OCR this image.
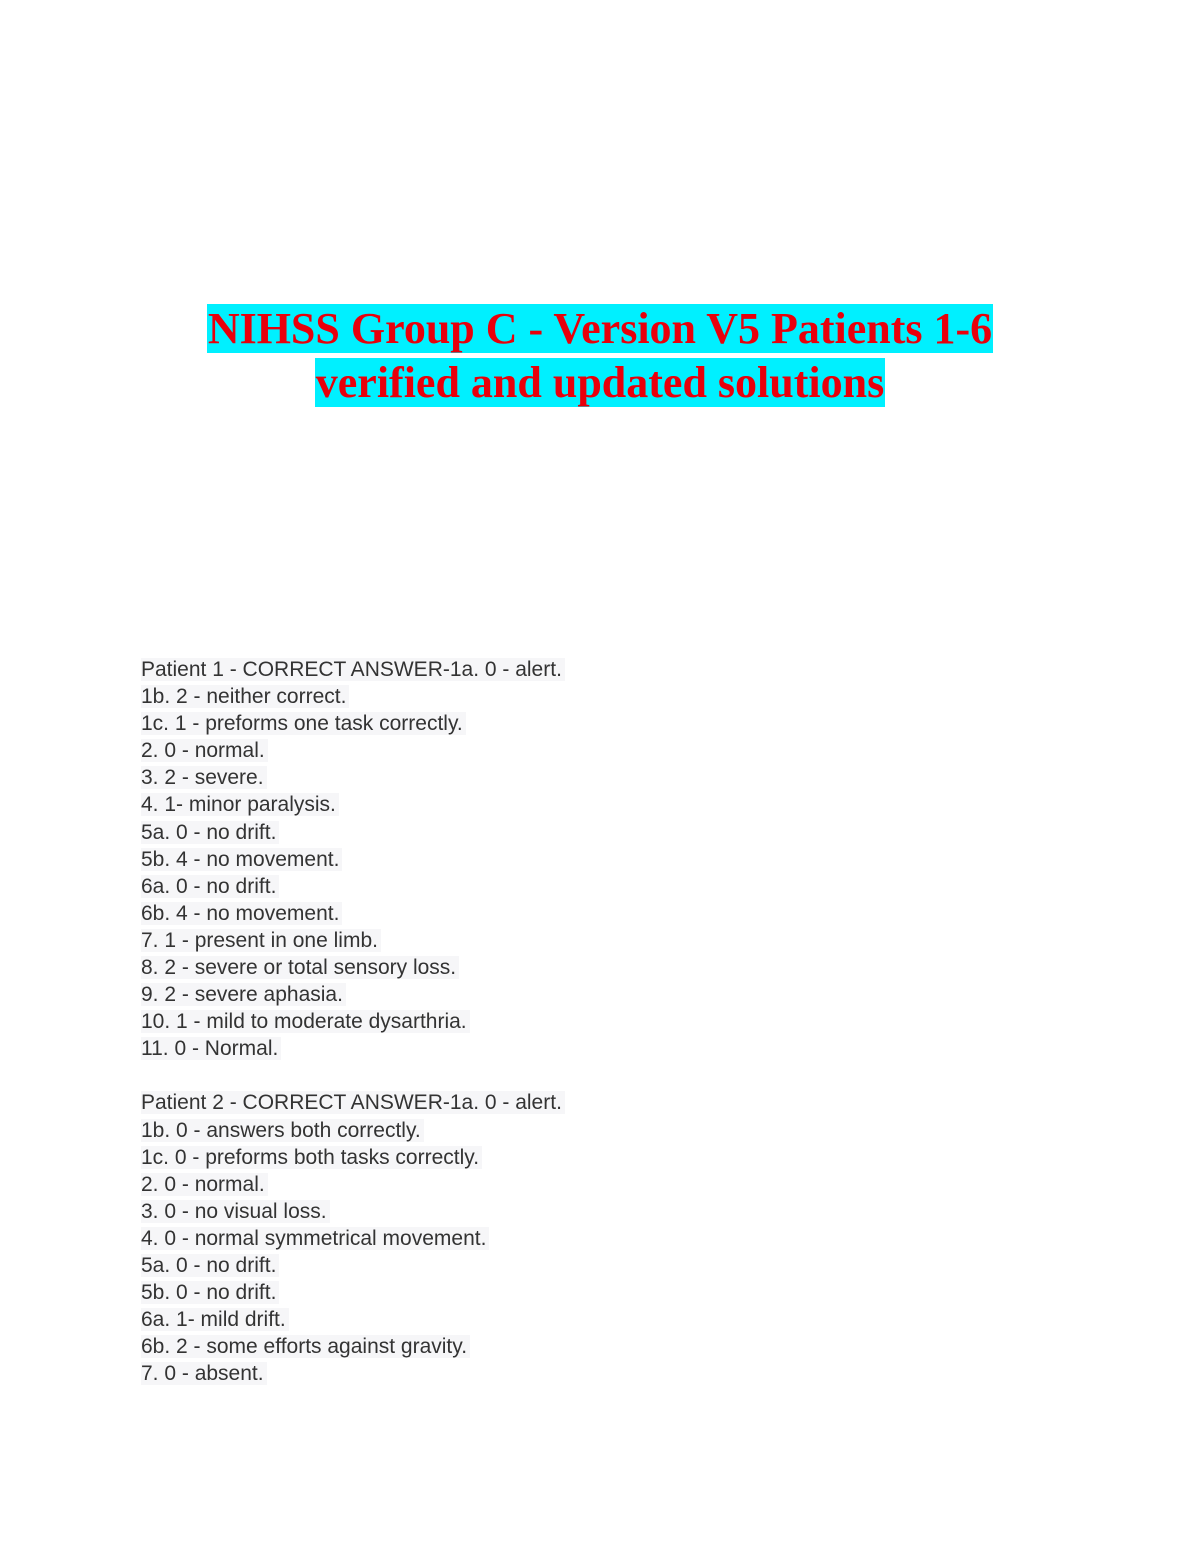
NIHSS Group C - Version V5 Patients 1-6
verified and updated solutions
Patient 1 - CORRECT ANSWER-1a. 0 - alert.
1b. 2 - neither correct.
1c. 1 - preforms one task correctly.
2. 0 - normal.
3. 2 - severe.
4. 1- minor paralysis.
5a. 0 - no drift.
5b. 4 - no movement.
6a. 0 - no drift.
6b. 4 - no movement.
7. 1 - present in one limb.
8. 2 - severe or total sensory loss.
9. 2 - severe aphasia.
10. 1 - mild to moderate dysarthria.
11. 0 - Normal.
Patient 2 - CORRECT ANSWER-1a. 0 - alert.
1b. 0 - answers both correctly.
1c. 0 - preforms both tasks correctly.
2. 0 - normal.
3. 0 - no visual loss.
4. 0 - normal symmetrical movement.
5a. 0 - no drift.
5b. 0 - no drift.
6a. 1- mild drift.
6b. 2 - some efforts against gravity.
7. 0 - absent.
